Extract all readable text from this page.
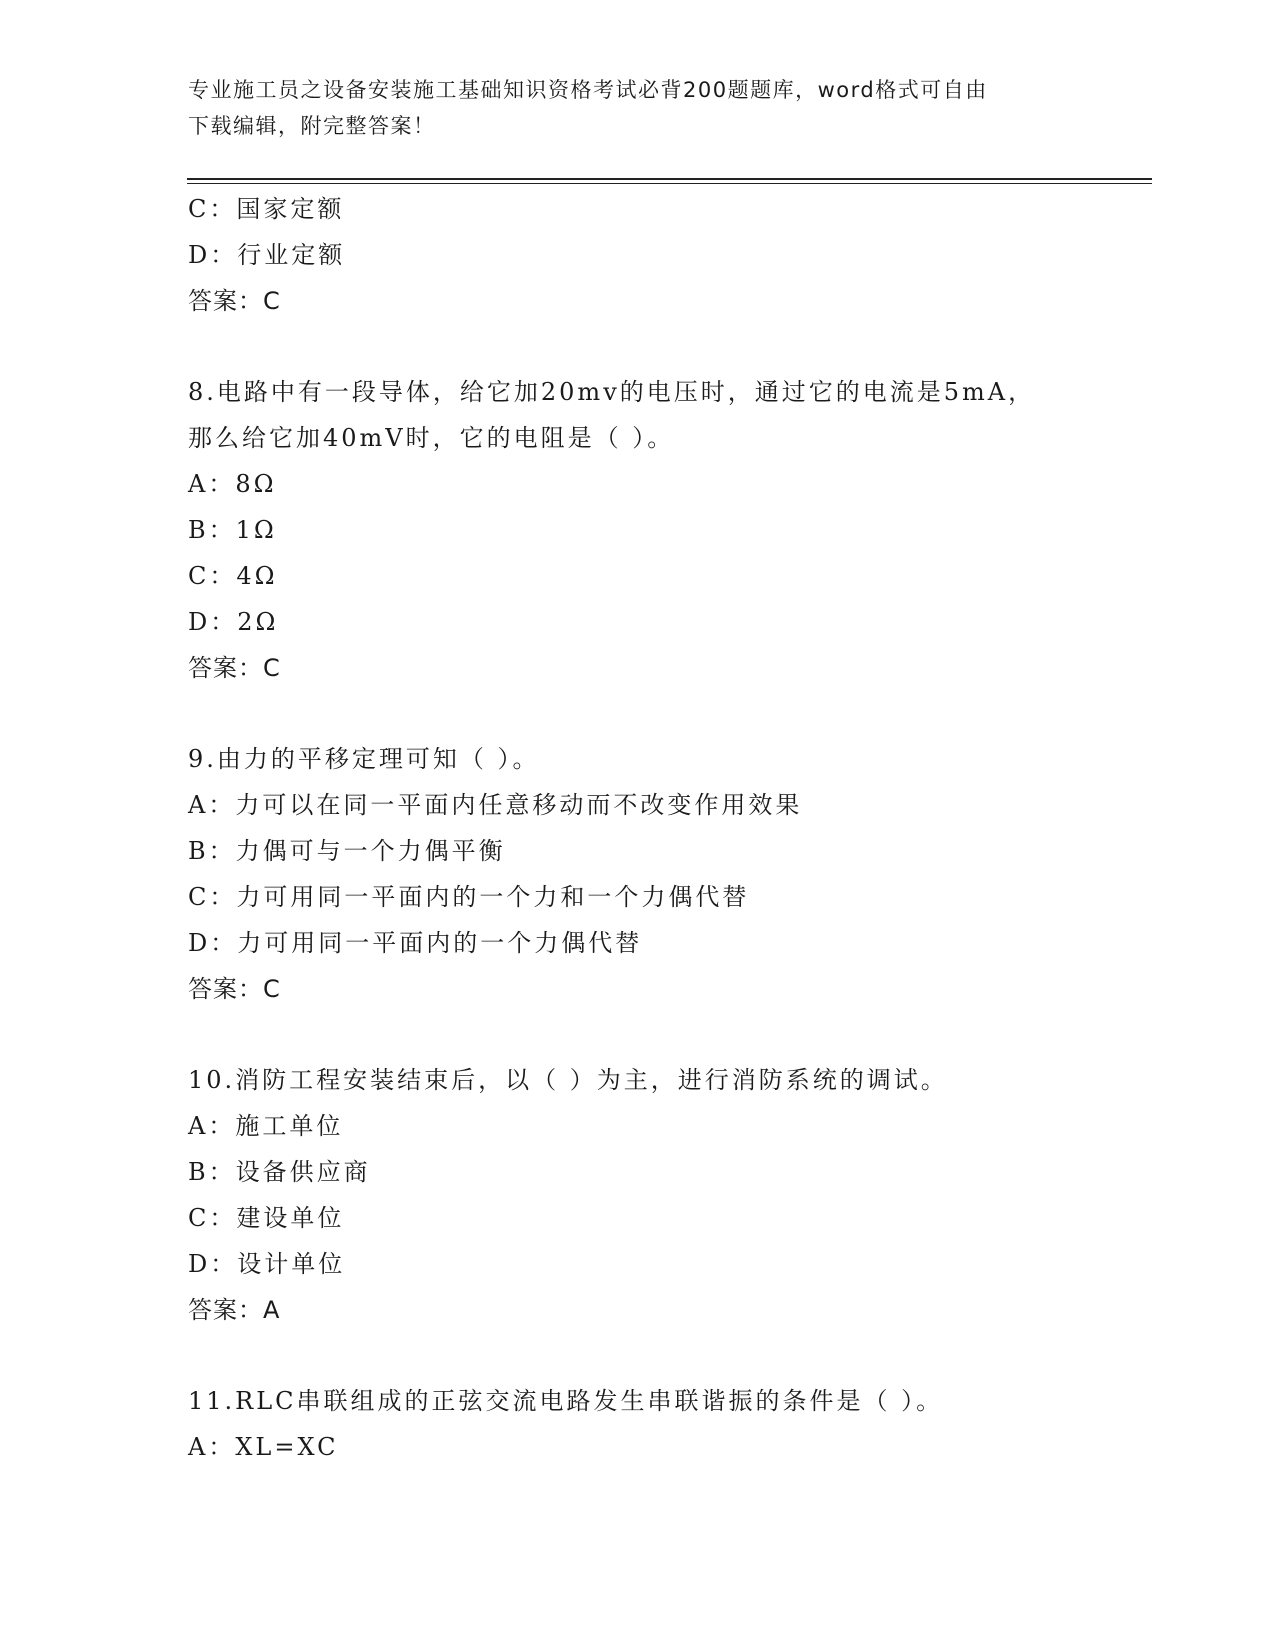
专业施工员之设备安装施工基础知识资格考试必背200题题库，word格式可自由
下载编辑，附完整答案！
C：国家定额
D：行业定额
答案：C
8.电路中有一段导体，给它加20mv的电压时，通过它的电流是5mA，
那么给它加40mV时，它的电阻是（ ）。
A：8Ω
B：1Ω
C：4Ω
D：2Ω
答案：C
9.由力的平移定理可知（ ）。
A：力可以在同一平面内任意移动而不改变作用效果
B：力偶可与一个力偶平衡
C：力可用同一平面内的一个力和一个力偶代替
D：力可用同一平面内的一个力偶代替
答案：C
10.消防工程安装结束后，以（ ）为主，进行消防系统的调试。
A：施工单位
B：设备供应商
C：建设单位
D：设计单位
答案：A
11.RLC串联组成的正弦交流电路发生串联谐振的条件是（ ）。
A：XL=XC
